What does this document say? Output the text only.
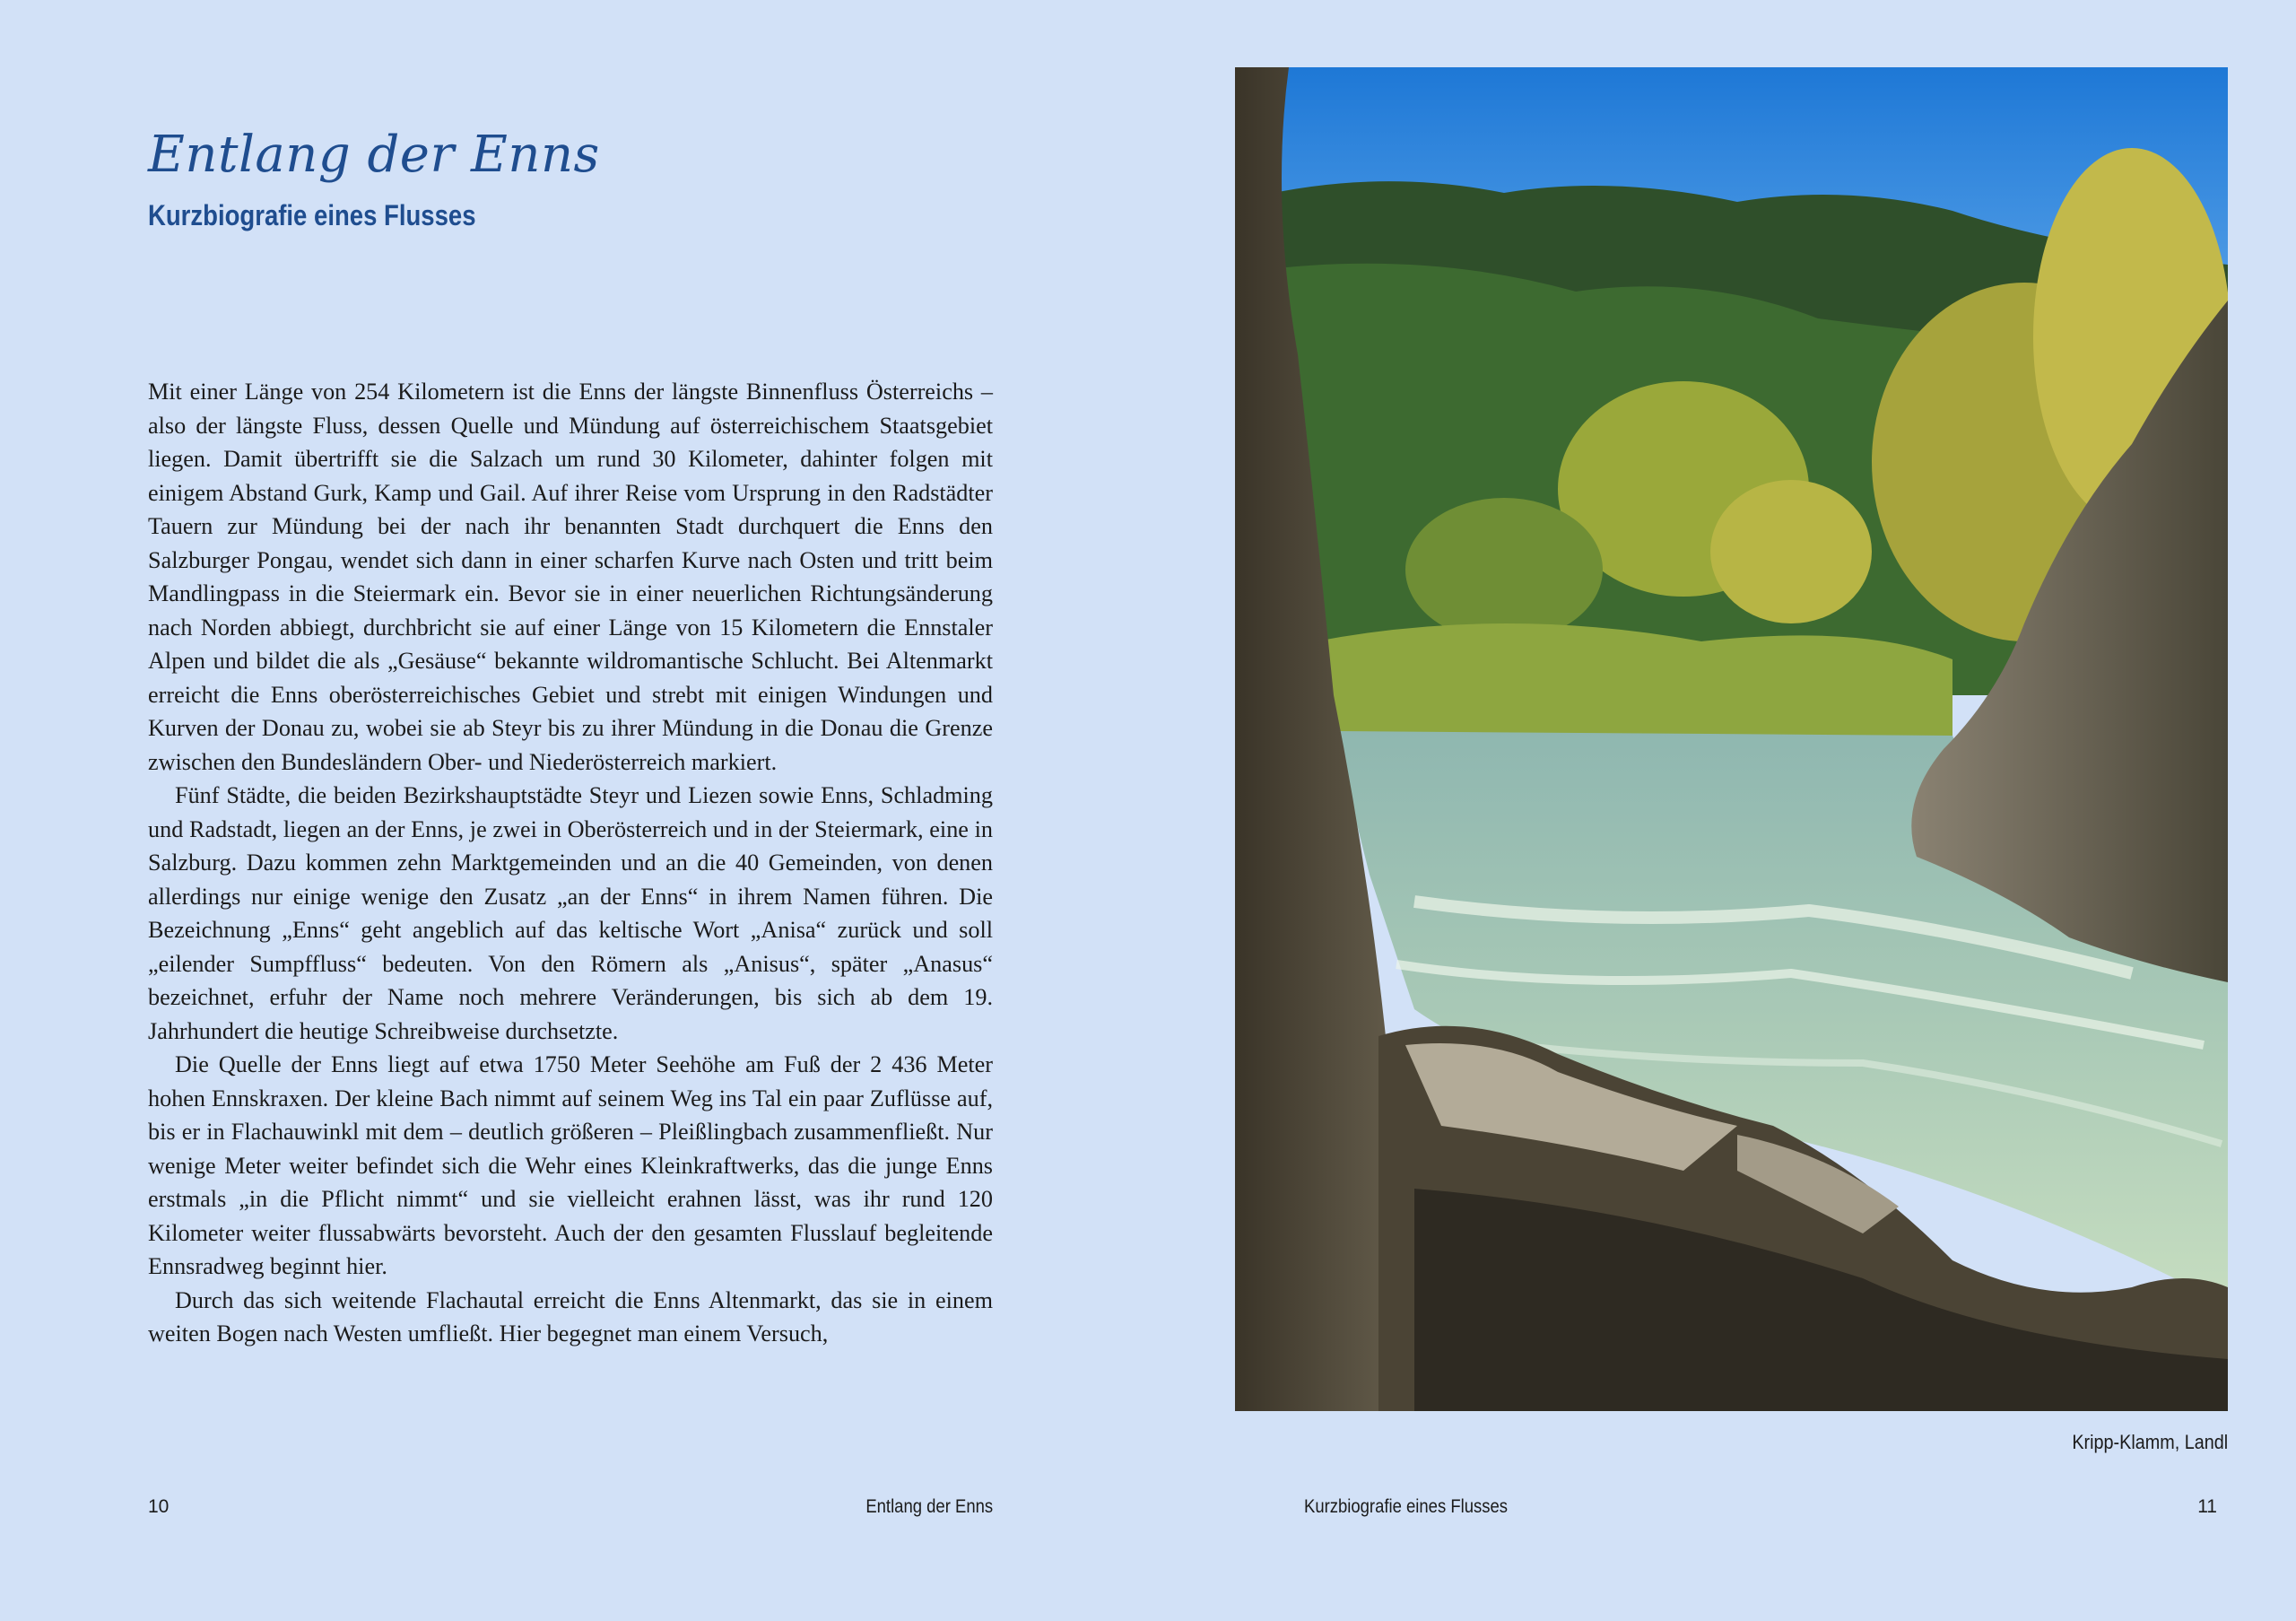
Entlang der Enns
Kurzbiografie eines Flusses

Mit einer Länge von 254 Kilometern ist die Enns der längste Binnenfluss Österreichs – also der längste Fluss, dessen Quelle und Mündung auf österreichischem Staatsgebiet liegen. Damit übertrifft sie die Salzach um rund 30 Kilometer, dahinter folgen mit einigem Abstand Gurk, Kamp und Gail. Auf ihrer Reise vom Ursprung in den Radstädter Tauern zur Mündung bei der nach ihr benannten Stadt durchquert die Enns den Salzburger Pongau, wendet sich dann in einer scharfen Kurve nach Osten und tritt beim Mandlingpass in die Steiermark ein. Bevor sie in einer neuerlichen Richtungsänderung nach Norden abbiegt, durchbricht sie auf einer Länge von 15 Kilometern die Ennstaler Alpen und bildet die als „Gesäuse“ bekannte wildromantische Schlucht. Bei Altenmarkt erreicht die Enns oberösterreichisches Gebiet und strebt mit einigen Windungen und Kurven der Donau zu, wobei sie ab Steyr bis zu ihrer Mündung in die Donau die Grenze zwischen den Bundesländern Ober- und Niederösterreich markiert.

Fünf Städte, die beiden Bezirkshauptstädte Steyr und Liezen sowie Enns, Schladming und Radstadt, liegen an der Enns, je zwei in Oberösterreich und in der Steiermark, eine in Salzburg. Dazu kommen zehn Marktgemeinden und an die 40 Gemeinden, von denen allerdings nur einige wenige den Zusatz „an der Enns“ in ihrem Namen führen. Die Bezeichnung „Enns“ geht angeblich auf das keltische Wort „Anisa“ zurück und soll „eilender Sumpffluss“ bedeuten. Von den Römern als „Anisus“, später „Anasus“ bezeichnet, erfuhr der Name noch mehrere Veränderungen, bis sich ab dem 19. Jahrhundert die heutige Schreibweise durchsetzte.

Die Quelle der Enns liegt auf etwa 1750 Meter Seehöhe am Fuß der 2 436 Meter hohen Ennskraxen. Der kleine Bach nimmt auf seinem Weg ins Tal ein paar Zuflüsse auf, bis er in Flachauwinkl mit dem – deutlich größeren – Pleißlingbach zusammenfließt. Nur wenige Meter weiter befindet sich die Wehr eines Kleinkraftwerks, das die junge Enns erstmals „in die Pflicht nimmt“ und sie vielleicht erahnen lässt, was ihr rund 120 Kilometer weiter flussabwärts bevorsteht. Auch der den gesamten Flusslauf begleitende Ennsradweg beginnt hier.

Durch das sich weitende Flachautal erreicht die Enns Altenmarkt, das sie in einem weiten Bogen nach Westen umfließt. Hier begegnet man einem Versuch,

10	Entlang der Enns
Kripp-Klamm, Landl
Kurzbiografie eines Flusses	11
